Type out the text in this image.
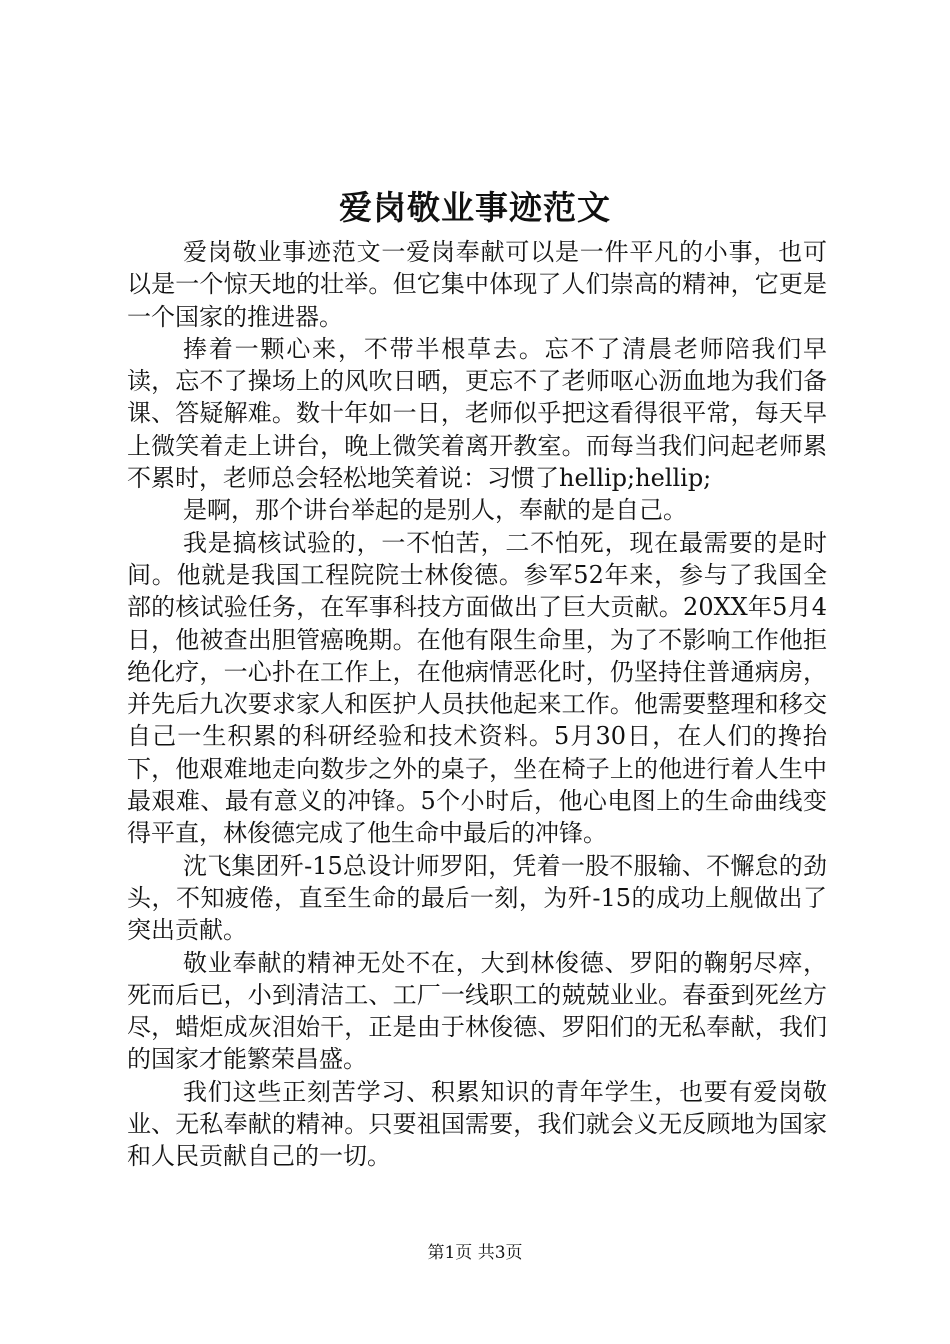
爱岗敬业事迹范文

爱岗敬业事迹范文一爱岗奉献可以是一件平凡的小事，也可以是一个惊天地的壮举。但它集中体现了人们崇高的精神，它更是一个国家的推进器。

捧着一颗心来，不带半根草去。忘不了清晨老师陪我们早读，忘不了操场上的风吹日晒，更忘不了老师呕心沥血地为我们备课、答疑解难。数十年如一日，老师似乎把这看得很平常，每天早上微笑着走上讲台，晚上微笑着离开教室。而每当我们问起老师累不累时，老师总会轻松地笑着说：习惯了hellip;hellip;

是啊，那个讲台举起的是别人，奉献的是自己。

我是搞核试验的，一不怕苦，二不怕死，现在最需要的是时间。他就是我国工程院院士林俊德。参军52年来，参与了我国全部的核试验任务，在军事科技方面做出了巨大贡献。20XX年5月4日，他被查出胆管癌晚期。在他有限生命里，为了不影响工作他拒绝化疗，一心扑在工作上，在他病情恶化时，仍坚持住普通病房，并先后九次要求家人和医护人员扶他起来工作。他需要整理和移交自己一生积累的科研经验和技术资料。5月30日，在人们的搀抬下，他艰难地走向数步之外的桌子，坐在椅子上的他进行着人生中最艰难、最有意义的冲锋。5个小时后，他心电图上的生命曲线变得平直，林俊德完成了他生命中最后的冲锋。

沈飞集团歼-15总设计师罗阳，凭着一股不服输、不懈怠的劲头，不知疲倦，直至生命的最后一刻，为歼-15的成功上舰做出了突出贡献。

敬业奉献的精神无处不在，大到林俊德、罗阳的鞠躬尽瘁，死而后已，小到清洁工、工厂一线职工的兢兢业业。春蚕到死丝方尽，蜡炬成灰泪始干，正是由于林俊德、罗阳们的无私奉献，我们的国家才能繁荣昌盛。

我们这些正刻苦学习、积累知识的青年学生，也要有爱岗敬业、无私奉献的精神。只要祖国需要，我们就会义无反顾地为国家和人民贡献自己的一切。

第1页 共3页
